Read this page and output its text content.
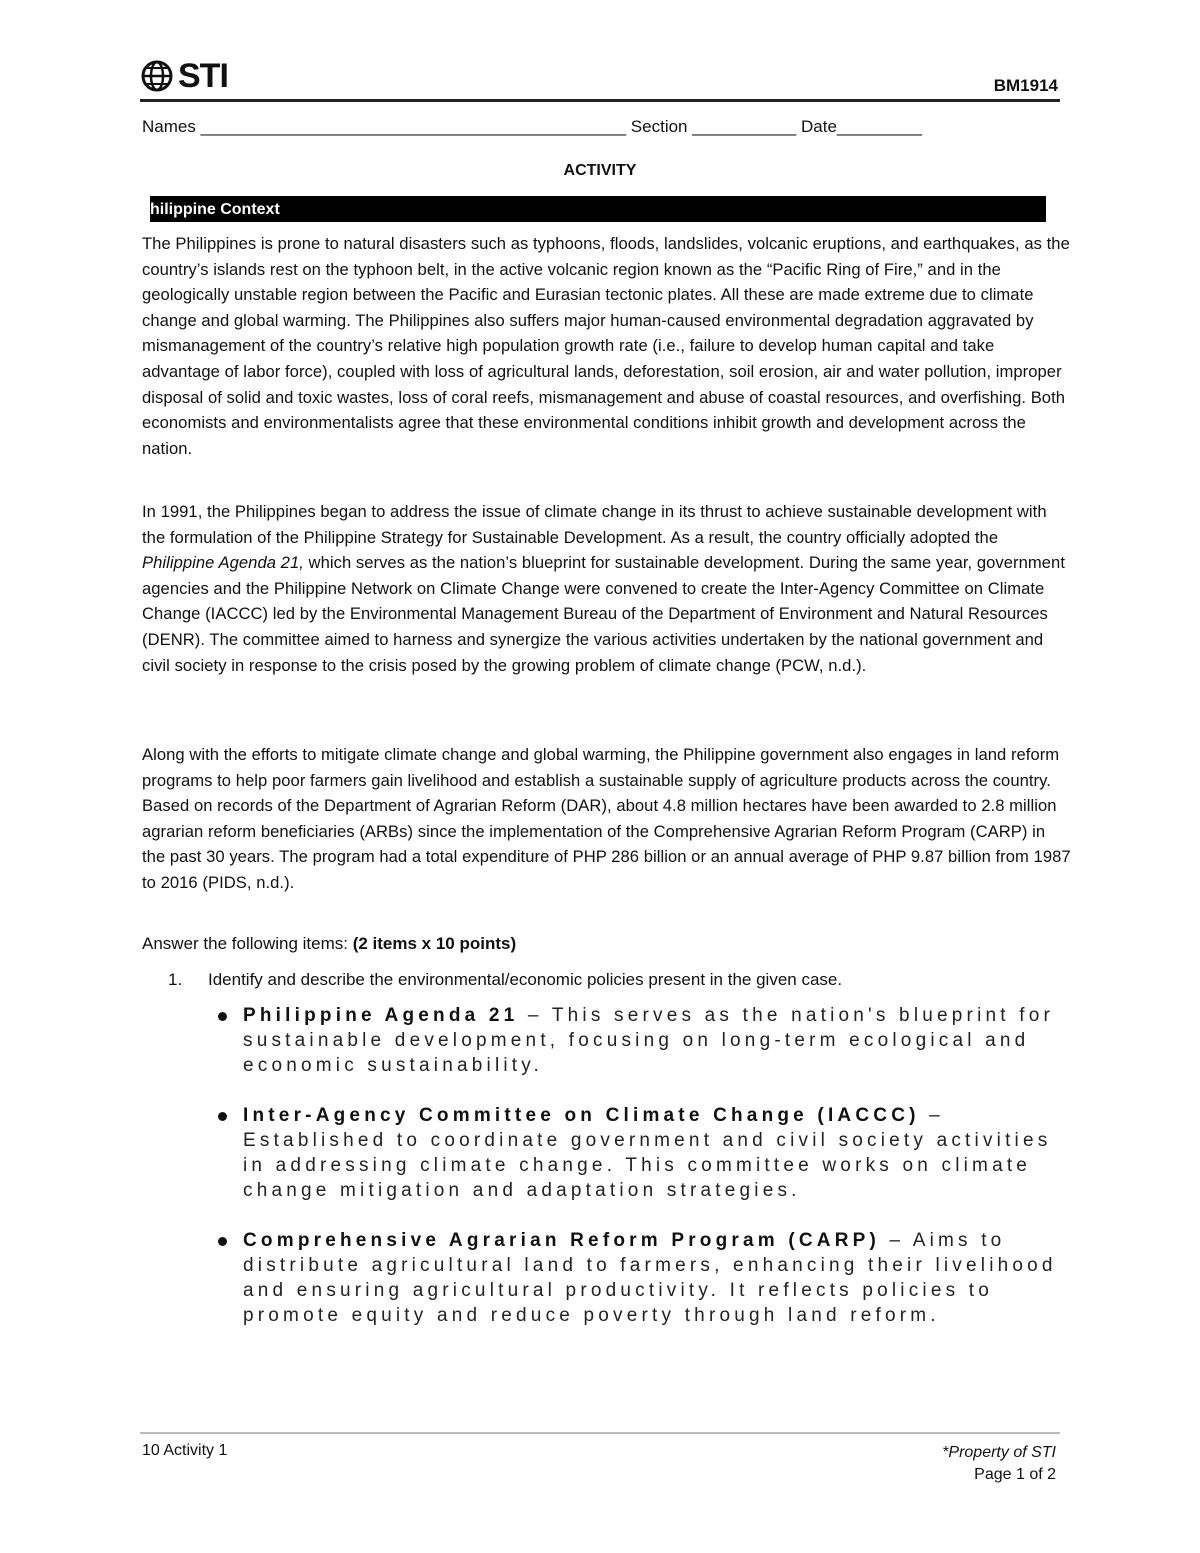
STI	BM1914
Names _____________________________________________ Section ___________ Date_________
ACTIVITY
hilippine Context

The Philippines is prone to natural disasters such as typhoons, floods, landslides, volcanic eruptions, and earthquakes, as the country’s islands rest on the typhoon belt, in the active volcanic region known as the “Pacific Ring of Fire,” and in the geologically unstable region between the Pacific and Eurasian tectonic plates. All these are made extreme due to climate change and global warming. The Philippines also suffers major human-caused environmental degradation aggravated by mismanagement of the country’s relative high population growth rate (i.e., failure to develop human capital and take advantage of labor force), coupled with loss of agricultural lands, deforestation, soil erosion, air and water pollution, improper disposal of solid and toxic wastes, loss of coral reefs, mismanagement and abuse of coastal resources, and overfishing. Both economists and environmentalists agree that these environmental conditions inhibit growth and development across the nation.

In 1991, the Philippines began to address the issue of climate change in its thrust to achieve sustainable development with the formulation of the Philippine Strategy for Sustainable Development. As a result, the country officially adopted the Philippine Agenda 21, which serves as the nation’s blueprint for sustainable development. During the same year, government agencies and the Philippine Network on Climate Change were convened to create the Inter-Agency Committee on Climate Change (IACCC) led by the Environmental Management Bureau of the Department of Environment and Natural Resources (DENR). The committee aimed to harness and synergize the various activities undertaken by the national government and civil society in response to the crisis posed by the growing problem of climate change (PCW, n.d.).

Along with the efforts to mitigate climate change and global warming, the Philippine government also engages in land reform programs to help poor farmers gain livelihood and establish a sustainable supply of agriculture products across the country. Based on records of the Department of Agrarian Reform (DAR), about 4.8 million hectares have been awarded to 2.8 million agrarian reform beneficiaries (ARBs) since the implementation of the Comprehensive Agrarian Reform Program (CARP) in the past 30 years. The program had a total expenditure of PHP 286 billion or an annual average of PHP 9.87 billion from 1987 to 2016 (PIDS, n.d.).

Answer the following items: (2 items x 10 points)
1. Identify and describe the environmental/economic policies present in the given case.
Philippine Agenda 21 – This serves as the nation's blueprint for sustainable development, focusing on long-term ecological and economic sustainability.
Inter-Agency Committee on Climate Change (IACCC) – Established to coordinate government and civil society activities in addressing climate change. This committee works on climate change mitigation and adaptation strategies.
Comprehensive Agrarian Reform Program (CARP) – Aims to distribute agricultural land to farmers, enhancing their livelihood and ensuring agricultural productivity. It reflects policies to promote equity and reduce poverty through land reform.
10 Activity 1	*Property of STI
Page 1 of 2
